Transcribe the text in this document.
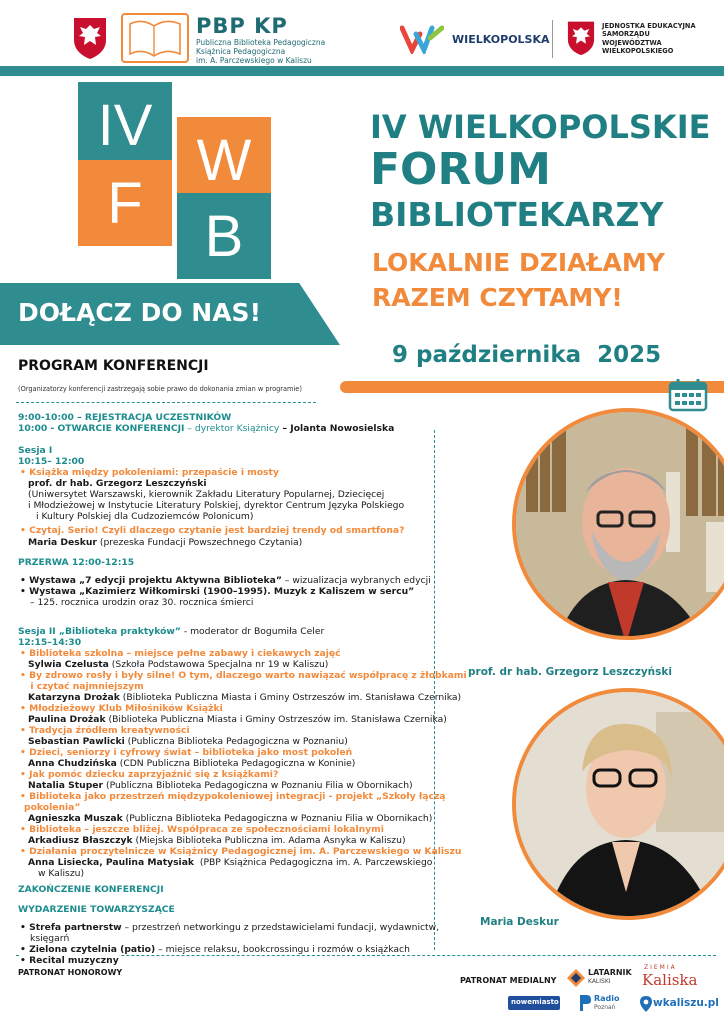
PBP KP
Publiczna Biblioteka Pedagogiczna
Książnica Pedagogiczna
im. A. Parczewskiego w Kaliszu
WIELKOPOLSKA
JEDNOSTKA EDUKACYJNA
SAMORZĄDU
WOJEWÓDZTWA
WIELKOPOLSKIEGO
DOŁĄCZ DO NAS!
IV
W
F
B
IV WIELKOPOLSKIE
FORUM
BIBLIOTEKARZY
LOKALNIE DZIAŁAMY
RAZEM CZYTAMY!
9 października  2025
PROGRAM KONFERENCJI
(Organizatorzy konferencji zastrzegają sobie prawo do dokonania zmian w programie)
9:00-10:00 – REJESTRACJA UCZESTNIKÓW
10:00 - OTWARCIE KONFERENCJI – dyrektor Książnicy – Jolanta Nowosielska
Sesja I
10:15– 12:00
• Książka między pokoleniami: przepaście i mosty
prof. dr hab. Grzegorz Leszczyński
(Uniwersytet Warszawski, kierownik Zakładu Literatury Popularnej, Dziecięcej
i Młodzieżowej w Instytucie Literatury Polskiej, dyrektor Centrum Języka Polskiego
i Kultury Polskiej dla Cudzoziemców Polonicum)
• Czytaj. Serio! Czyli dlaczego czytanie jest bardziej trendy od smartfona?
Maria Deskur (prezeska Fundacji Powszechnego Czytania)
PRZERWA 12:00-12:15
• Wystawa „7 edycji projektu Aktywna Biblioteka” – wizualizacja wybranych edycji
• Wystawa „Kazimierz Wiłkomirski (1900–1995). Muzyk z Kaliszem w sercu”
– 125. rocznica urodzin oraz 30. rocznica śmierci
Sesja II „Biblioteka praktyków” - moderator dr Bogumiła Celer
12:15–14:30
• Biblioteka szkolna – miejsce pełne zabawy i ciekawych zajęć
Sylwia Czelusta (Szkoła Podstawowa Specjalna nr 19 w Kaliszu)
• By zdrowo rosły i były silne! O tym, dlaczego warto nawiązać współpracę z żłobkami
i czytać najmniejszym
Katarzyna Drożak (Biblioteka Publiczna Miasta i Gminy Ostrzeszów im. Stanisława Czernika)
• Młodzieżowy Klub Miłośników Książki
Paulina Drożak (Biblioteka Publiczna Miasta i Gminy Ostrzeszów im. Stanisława Czernika)
• Tradycja źródłem kreatywności
Sebastian Pawlicki (Publiczna Biblioteka Pedagogiczna w Poznaniu)
• Dzieci, seniorzy i cyfrowy świat – biblioteka jako most pokoleń
Anna Chudzińska (CDN Publiczna Biblioteka Pedagogiczna w Koninie)
• Jak pomóc dziecku zaprzyjaźnić się z książkami?
Natalia Stuper (Publiczna Biblioteka Pedagogiczna w Poznaniu Filia w Obornikach)
• Biblioteka jako przestrzeń międzypokoleniowej integracji - projekt „Szkoły łączą
pokolenia”
Agnieszka Muszak (Publiczna Biblioteka Pedagogiczna w Poznaniu Filia w Obornikach)
• Biblioteka – jeszcze bliżej. Współpraca ze społecznościami lokalnymi
Arkadiusz Błaszczyk (Miejska Biblioteka Publiczna im. Adama Asnyka w Kaliszu)
• Działania proczytelnicze w Książnicy Pedagogicznej im. A. Parczewskiego w Kaliszu
Anna Lisiecka, Paulina Matysiak  (PBP Książnica Pedagogiczna im. A. Parczewskiego
w Kaliszu)
ZAKOŃCZENIE KONFERENCJI
WYDARZENIE TOWARZYSZĄCE
• Strefa partnerstw – przestrzeń networkingu z przedstawicielami fundacji, wydawnictw,
księgarń
• Zielona czytelnia (patio) – miejsce relaksu, bookcrossingu i rozmów o książkach
• Recital muzyczny
prof. dr hab. Grzegorz Leszczyński
Maria Deskur
PATRONAT HONOROWY
PATRONAT MEDIALNY
LATARNIK
KALISKI
ZIEMIA
Kaliska
nowemiasto	Radio
Poznań	wkaliszu.pl
